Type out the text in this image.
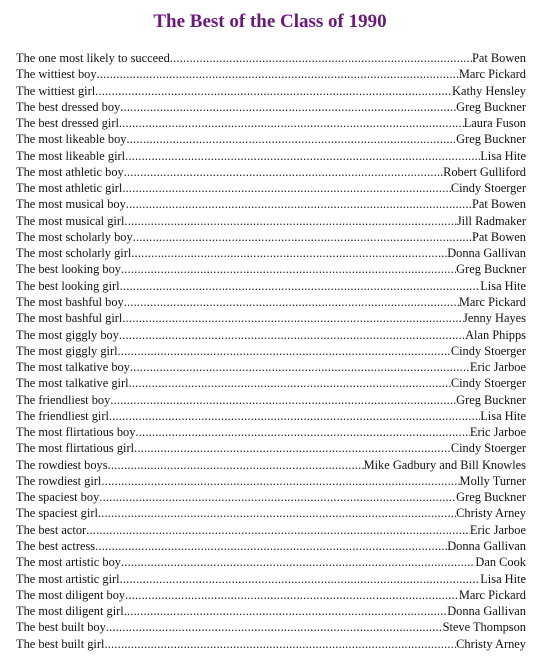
The Best of the Class of 1990
The one most likely to succeed .....	Pat Bowen
The wittiest boy .....	Marc Pickard
The wittiest girl .....	Kathy Hensley
The best dressed boy .....	Greg Buckner
The best dressed girl .....	Laura Fuson
The most likeable boy .....	Greg Buckner
The most likeable girl .....	Lisa Hite
The most athletic boy .....	Robert Gulliford
The most athletic girl .....	Cindy Stoerger
The most musical boy .....	Pat Bowen
The most musical girl .....	Jill Radmaker
The most scholarly boy .....	Pat Bowen
The most scholarly girl .....	Donna Gallivan
The best looking boy .....	Greg Buckner
The best looking girl .....	Lisa Hite
The most bashful boy .....	Marc Pickard
The most bashful girl .....	Jenny Hayes
The most giggly boy .....	Alan Phipps
The most giggly girl .....	Cindy Stoerger
The most talkative boy .....	Eric Jarboe
The most talkative girl .....	Cindy Stoerger
The friendliest boy .....	Greg Buckner
The friendliest girl .....	Lisa Hite
The most flirtatious boy .....	Eric Jarboe
The most flirtatious girl .....	Cindy Stoerger
The rowdiest boys .....	Mike Gadbury and Bill Knowles
The rowdiest girl .....	Molly Turner
The spaciest boy .....	Greg Buckner
The spaciest girl .....	Christy Arney
The best actor .....	Eric Jarboe
The best actress .....	Donna Gallivan
The most artistic boy .....	Dan Cook
The most artistic girl .....	Lisa Hite
The most diligent boy .....	Marc Pickard
The most diligent girl .....	Donna Gallivan
The best built boy .....	Steve Thompson
The best built girl .....	Christy Arney
